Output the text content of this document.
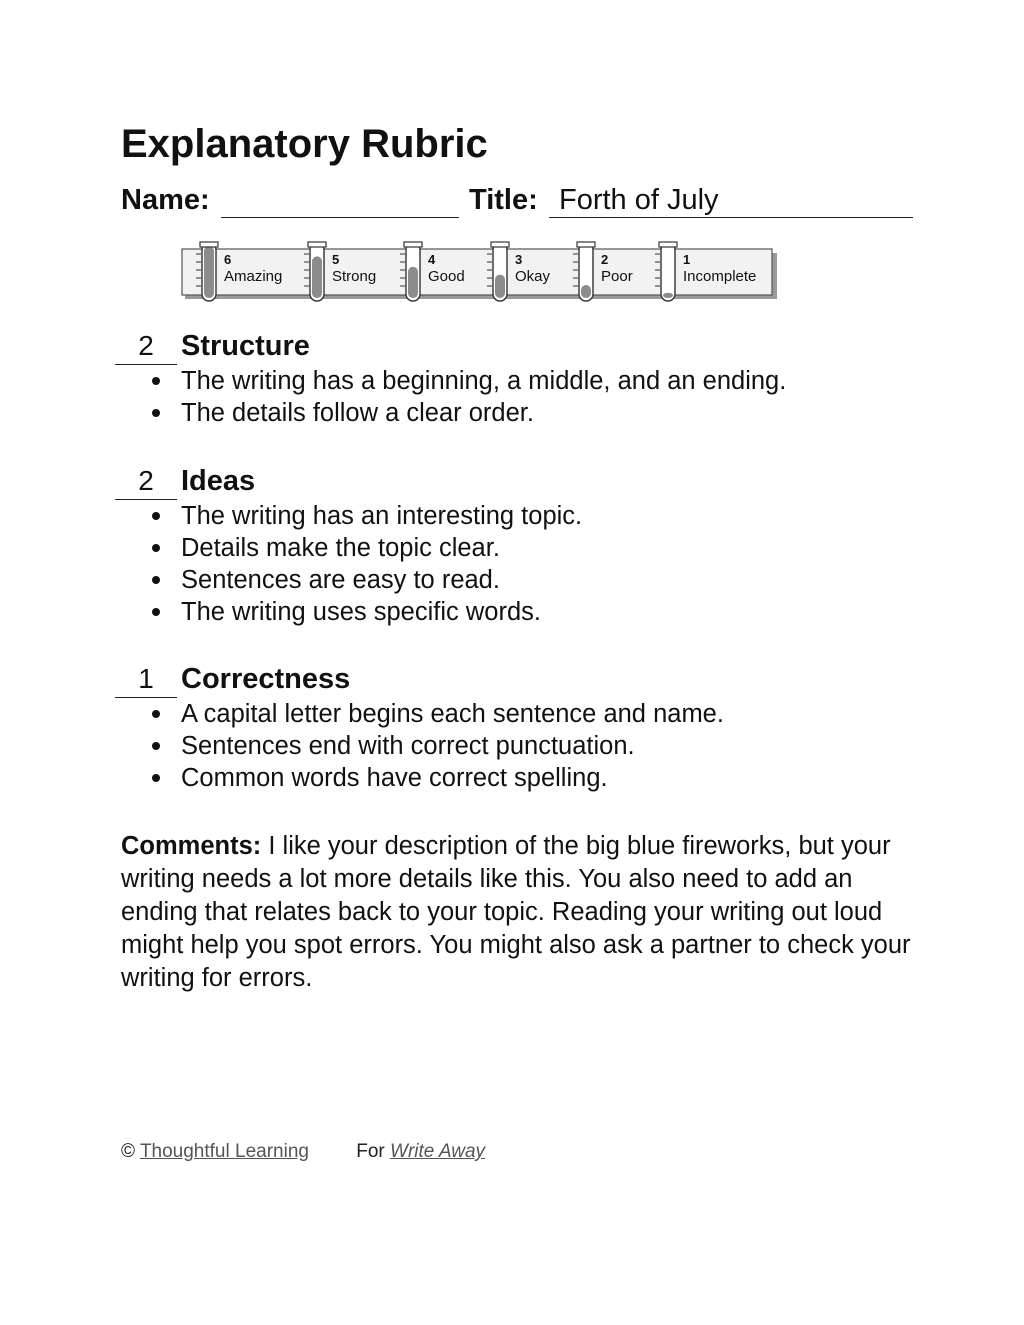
Explanatory Rubric
Name:	Title: Forth of July
6
Amazing
5
Strong
4
Good
3
Okay
2
Poor
1
Incomplete
2 Structure
The writing has a beginning, a middle, and an ending.
The details follow a clear order.
2 Ideas
The writing has an interesting topic.
Details make the topic clear.
Sentences are easy to read.
The writing uses specific words.
1 Correctness
A capital letter begins each sentence and name.
Sentences end with correct punctuation.
Common words have correct spelling.

Comments: I like your description of the big blue fireworks, but your writing needs a lot more details like this. You also need to add an ending that relates back to your topic. Reading your writing out loud might help you spot errors. You might also ask a partner to check your writing for errors.

© Thoughtful Learning For Write Away
